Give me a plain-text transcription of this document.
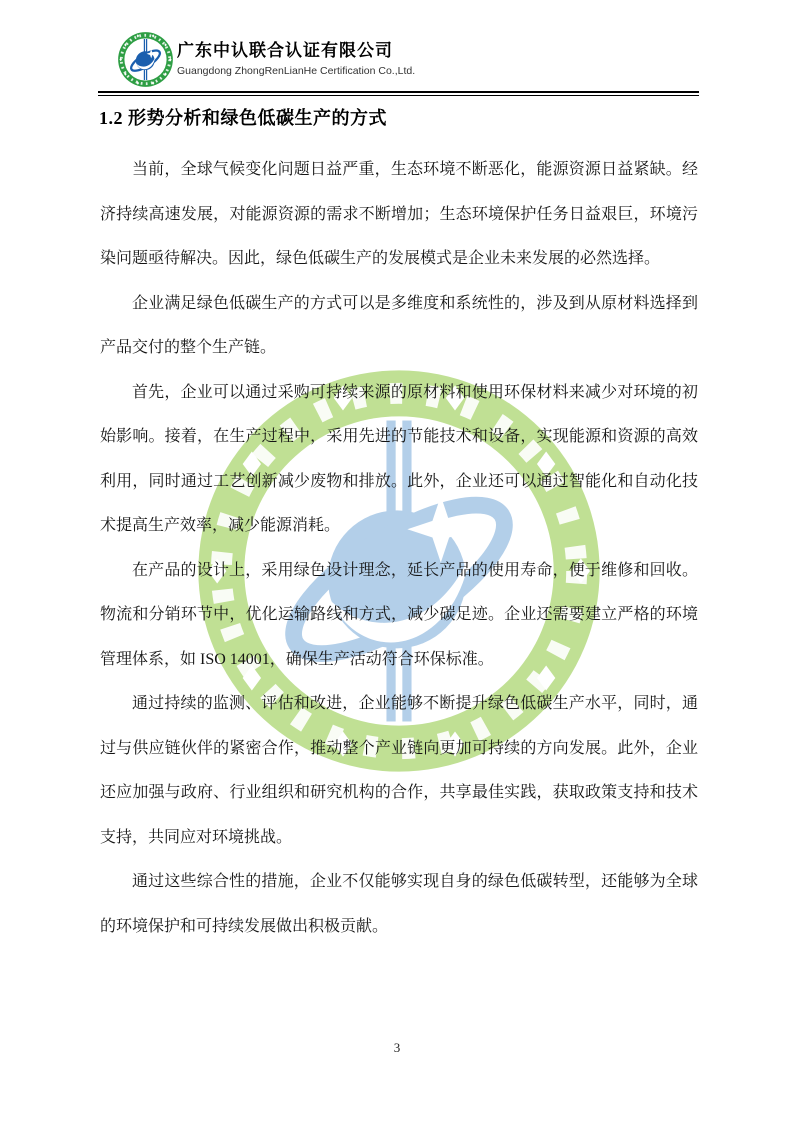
广东中认联合认证有限公司
Guangdong ZhongRenLianHe Certification Co.,Ltd.
1.2 形势分析和绿色低碳生产的方式

当前，全球气候变化问题日益严重，生态环境不断恶化，能源资源日益紧缺。经济持续高速发展，对能源资源的需求不断增加；生态环境保护任务日益艰巨，环境污染问题亟待解决。因此，绿色低碳生产的发展模式是企业未来发展的必然选择。

企业满足绿色低碳生产的方式可以是多维度和系统性的，涉及到从原材料选择到产品交付的整个生产链。

首先，企业可以通过采购可持续来源的原材料和使用环保材料来减少对环境的初始影响。接着，在生产过程中，采用先进的节能技术和设备，实现能源和资源的高效利用，同时通过工艺创新减少废物和排放。此外，企业还可以通过智能化和自动化技术提高生产效率，减少能源消耗。

在产品的设计上，采用绿色设计理念，延长产品的使用寿命，便于维修和回收。物流和分销环节中，优化运输路线和方式，减少碳足迹。企业还需要建立严格的环境管理体系，如 ISO 14001，确保生产活动符合环保标准。

通过持续的监测、评估和改进，企业能够不断提升绿色低碳生产水平，同时，通过与供应链伙伴的紧密合作，推动整个产业链向更加可持续的方向发展。此外，企业还应加强与政府、行业组织和研究机构的合作，共享最佳实践，获取政策支持和技术支持，共同应对环境挑战。

通过这些综合性的措施，企业不仅能够实现自身的绿色低碳转型，还能够为全球的环境保护和可持续发展做出积极贡献。

3
